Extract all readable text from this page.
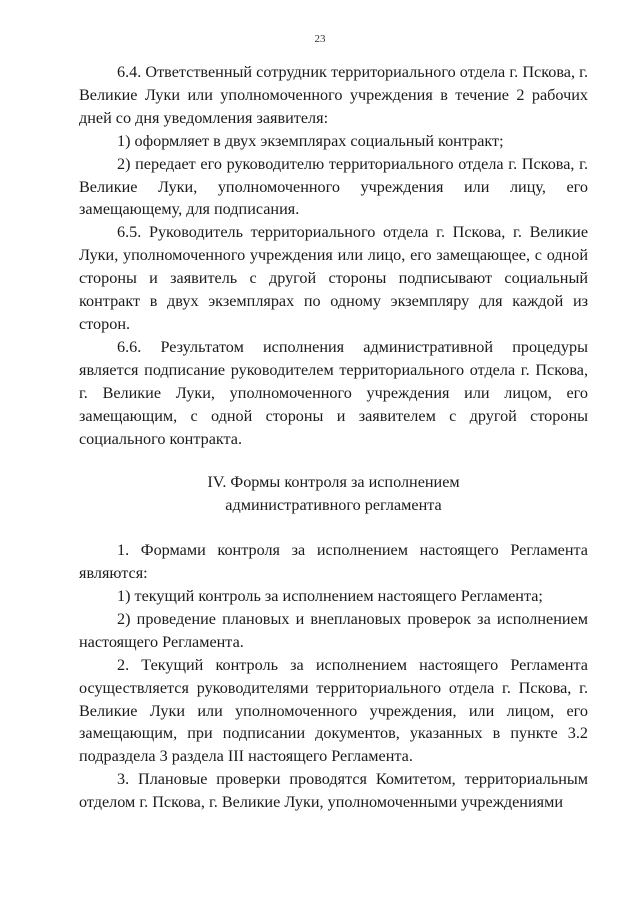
23

6.4. Ответственный сотрудник территориального отдела г. Пскова, г. Великие Луки или уполномоченного учреждения в течение 2 рабочих дней со дня уведомления заявителя:

1) оформляет в двух экземплярах социальный контракт;

2) передает его руководителю территориального отдела г. Пскова, г. Великие Луки, уполномоченного учреждения или лицу, его замещающему, для подписания.

6.5. Руководитель территориального отдела г. Пскова, г. Великие Луки, уполномоченного учреждения или лицо, его замещающее, с одной стороны и заявитель с другой стороны подписывают социальный контракт в двух экземплярах по одному экземпляру для каждой из сторон.

6.6. Результатом исполнения административной процедуры является подписание руководителем территориального отдела г. Пскова, г. Великие Луки, уполномоченного учреждения или лицом, его замещающим, с одной стороны и заявителем с другой стороны социального контракта.

IV. Формы контроля за исполнением
административного регламента

1. Формами контроля за исполнением настоящего Регламента являются:

1) текущий контроль за исполнением настоящего Регламента;

2) проведение плановых и внеплановых проверок за исполнением настоящего Регламента.

2. Текущий контроль за исполнением настоящего Регламента осуществляется руководителями территориального отдела г. Пскова, г. Великие Луки или уполномоченного учреждения, или лицом, его замещающим, при подписании документов, указанных в пункте 3.2 подраздела 3 раздела III настоящего Регламента.

3. Плановые проверки проводятся Комитетом, территориальным отделом г. Пскова, г. Великие Луки, уполномоченными учреждениями
